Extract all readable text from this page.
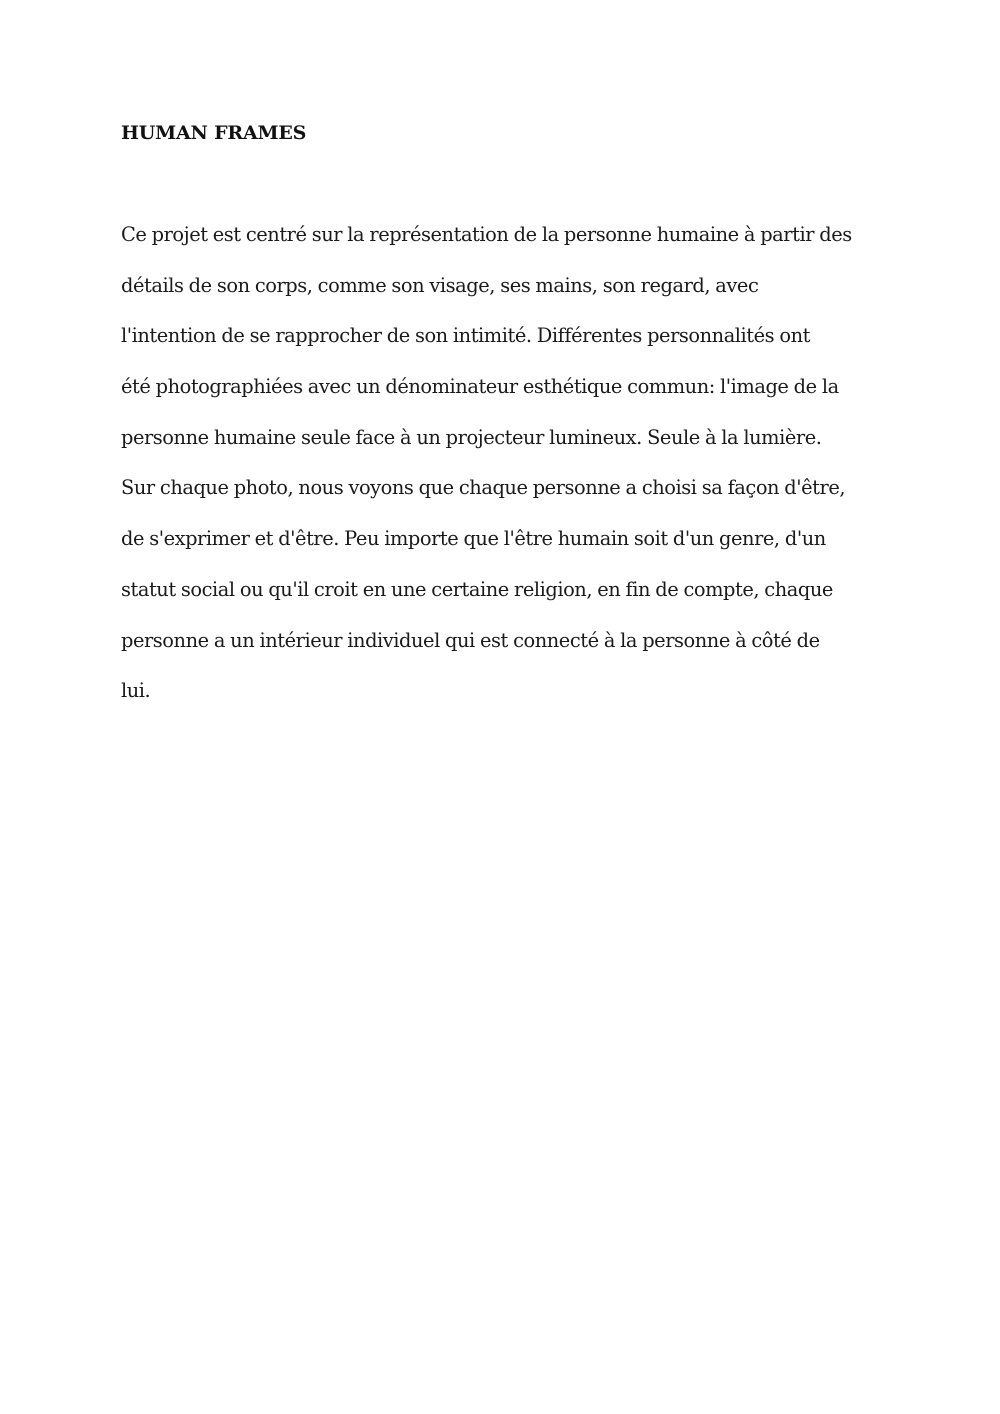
HUMAN FRAMES
Ce projet est centré sur la représentation de la personne humaine à partir des
détails de son corps, comme son visage, ses mains, son regard, avec
l'intention de se rapprocher de son intimité. Différentes personnalités ont
été photographiées avec un dénominateur esthétique commun: l'image de la
personne humaine seule face à un projecteur lumineux. Seule à la lumière.
Sur chaque photo, nous voyons que chaque personne a choisi sa façon d'être,
de s'exprimer et d'être. Peu importe que l'être humain soit d'un genre, d'un
statut social ou qu'il croit en une certaine religion, en fin de compte, chaque
personne a un intérieur individuel qui est connecté à la personne à côté de
lui.
